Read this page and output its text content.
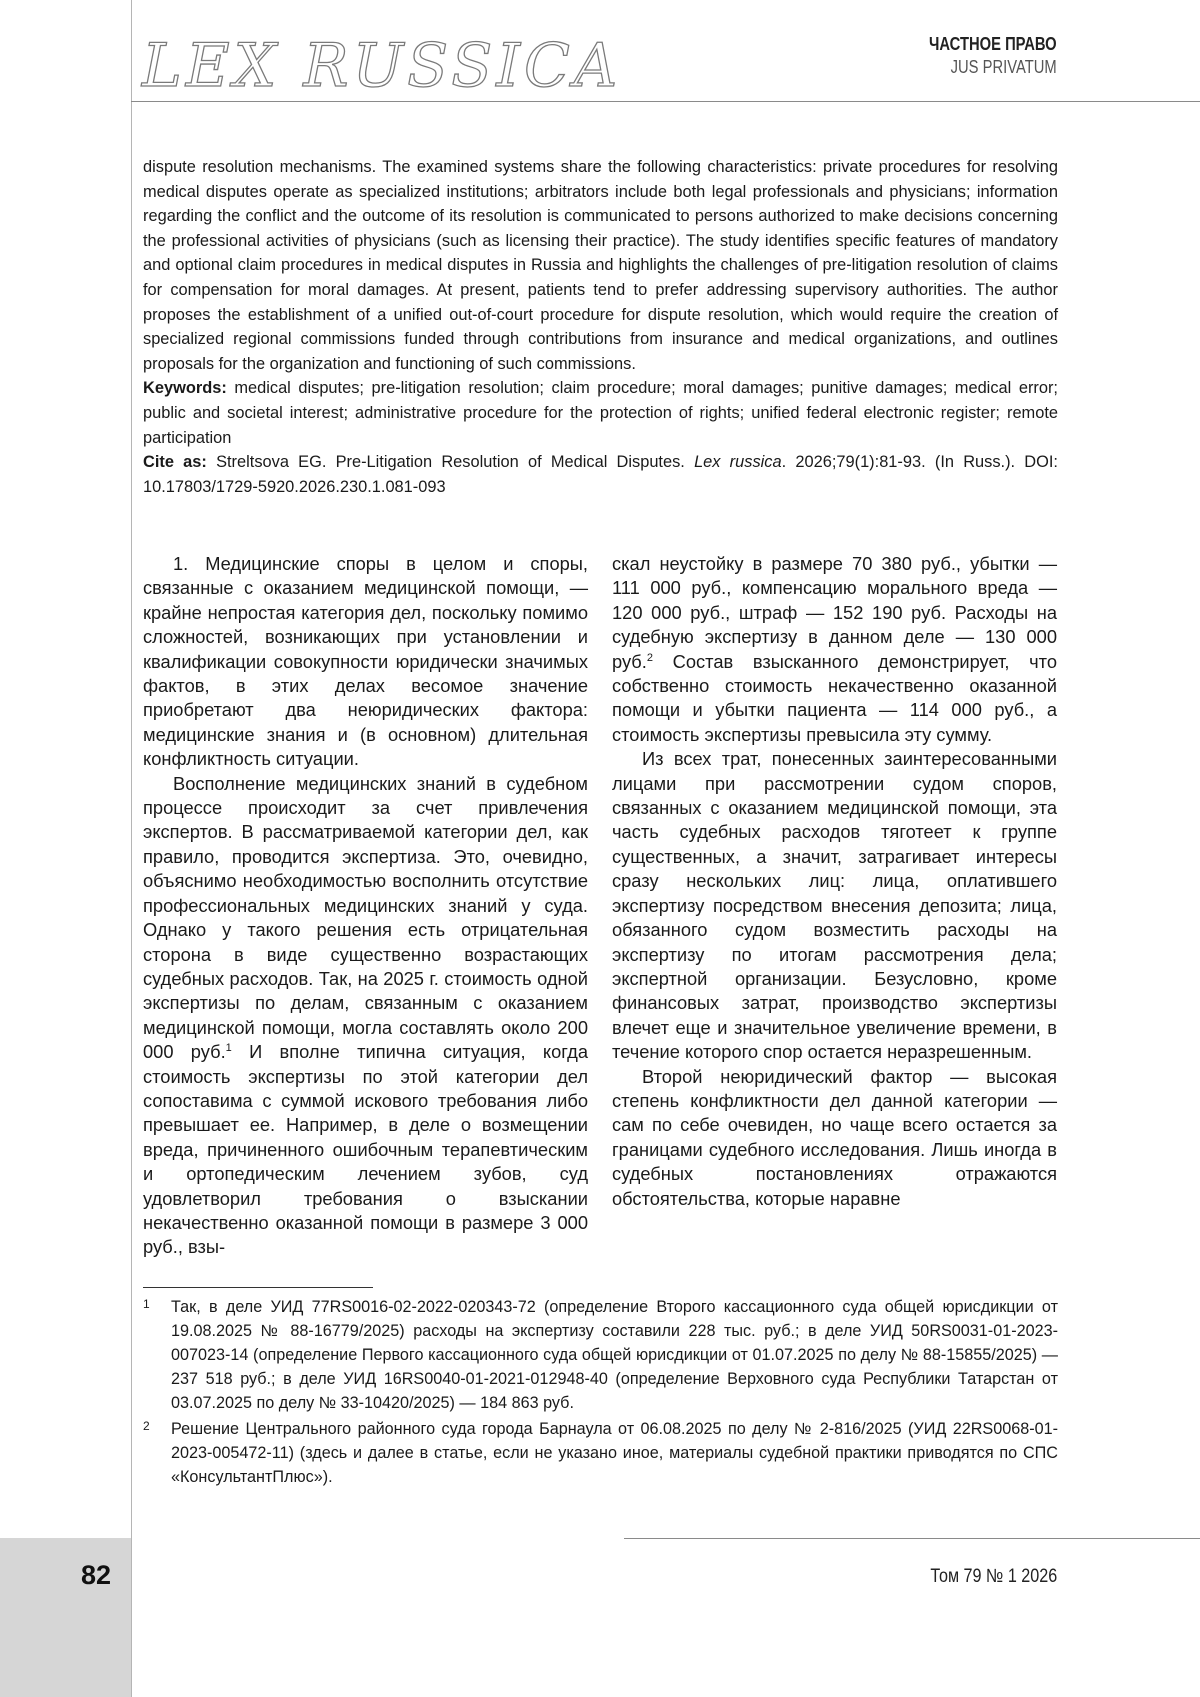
LEX RUSSICA	ЧАСТНОЕ ПРАВО
JUS PRIVATUM

dispute resolution mechanisms. The examined systems share the following characteristics: private procedures for resolving medical disputes operate as specialized institutions; arbitrators include both legal professionals and physicians; information regarding the conflict and the outcome of its resolution is communicated to persons authorized to make decisions concerning the professional activities of physicians (such as licensing their practice). The study identifies specific features of mandatory and optional claim procedures in medical disputes in Russia and highlights the challenges of pre-litigation resolution of claims for compensation for moral damages. At present, patients tend to prefer addressing supervisory authorities. The author proposes the establishment of a unified out-of-court procedure for dispute resolution, which would require the creation of specialized regional commissions funded through contributions from insurance and medical organizations, and outlines proposals for the organization and functioning of such commissions.

Keywords: medical disputes; pre-litigation resolution; claim procedure; moral damages; punitive damages; medical error; public and societal interest; administrative procedure for the protection of rights; unified federal electronic register; remote participation

Cite as: Streltsova EG. Pre-Litigation Resolution of Medical Disputes. Lex russica. 2026;79(1):81-93. (In Russ.). DOI: 10.17803/1729-5920.2026.230.1.081-093

1. Медицинские споры в целом и споры, связанные с оказанием медицинской помощи, — крайне непростая категория дел, поскольку помимо сложностей, возникающих при установлении и квалификации совокупности юридически значимых фактов, в этих делах весомое значение приобретают два неюридических фактора: медицинские знания и (в основном) длительная конфликтность ситуации.

Восполнение медицинских знаний в судебном процессе происходит за счет привлечения экспертов. В рассматриваемой категории дел, как правило, проводится экспертиза. Это, очевидно, объяснимо необходимостью восполнить отсутствие профессиональных медицинских знаний у суда. Однако у такого решения есть отрицательная сторона в виде существенно возрастающих судебных расходов. Так, на 2025 г. стоимость одной экспертизы по делам, связанным с оказанием медицинской помощи, могла составлять около 200 000 руб.$^1$ И вполне типична ситуация, когда стоимость экспертизы по этой категории дел сопоставима с суммой искового требования либо превышает ее. Например, в деле о возмещении вреда, причиненного ошибочным терапевтическим и ортопедическим лечением зубов, суд удовлетворил требования о взыскании некачественно оказанной помощи в размере 3 000 руб., взы-

скал неустойку в размере 70 380 руб., убытки — 111 000 руб., компенсацию морального вреда — 120 000 руб., штраф — 152 190 руб. Расходы на судебную экспертизу в данном деле — 130 000 руб.$^2$ Состав взысканного демонстрирует, что собственно стоимость некачественно оказанной помощи и убытки пациента — 114 000 руб., а стоимость экспертизы превысила эту сумму.

Из всех трат, понесенных заинтересованными лицами при рассмотрении судом споров, связанных с оказанием медицинской помощи, эта часть судебных расходов тяготеет к группе существенных, а значит, затрагивает интересы сразу нескольких лиц: лица, оплатившего экспертизу посредством внесения депозита; лица, обязанного судом возместить расходы на экспертизу по итогам рассмотрения дела; экспертной организации. Безусловно, кроме финансовых затрат, производство экспертизы влечет еще и значительное увеличение времени, в течение которого спор остается неразрешенным.

Второй неюридический фактор — высокая степень конфликтности дел данной категории — сам по себе очевиден, но чаще всего остается за границами судебного исследования. Лишь иногда в судебных постановлениях отражаются обстоятельства, которые наравне

1 Так, в деле УИД 77RS0016-02-2022-020343-72 (определение Второго кассационного суда общей юрисдикции от 19.08.2025 № 88-16779/2025) расходы на экспертизу составили 228 тыс. руб.; в деле УИД 50RS0031-01-2023-007023-14 (определение Первого кассационного суда общей юрисдикции от 01.07.2025 по делу № 88-15855/2025) — 237 518 руб.; в деле УИД 16RS0040-01-2021-012948-40 (определение Верховного суда Республики Татарстан от 03.07.2025 по делу № 33-10420/2025) — 184 863 руб.
2 Решение Центрального районного суда города Барнаула от 06.08.2025 по делу № 2-816/2025 (УИД 22RS0068-01-2023-005472-11) (здесь и далее в статье, если не указано иное, материалы судебной практики приводятся по СПС «КонсультантПлюс»).
82	Том 79 № 1 2026
